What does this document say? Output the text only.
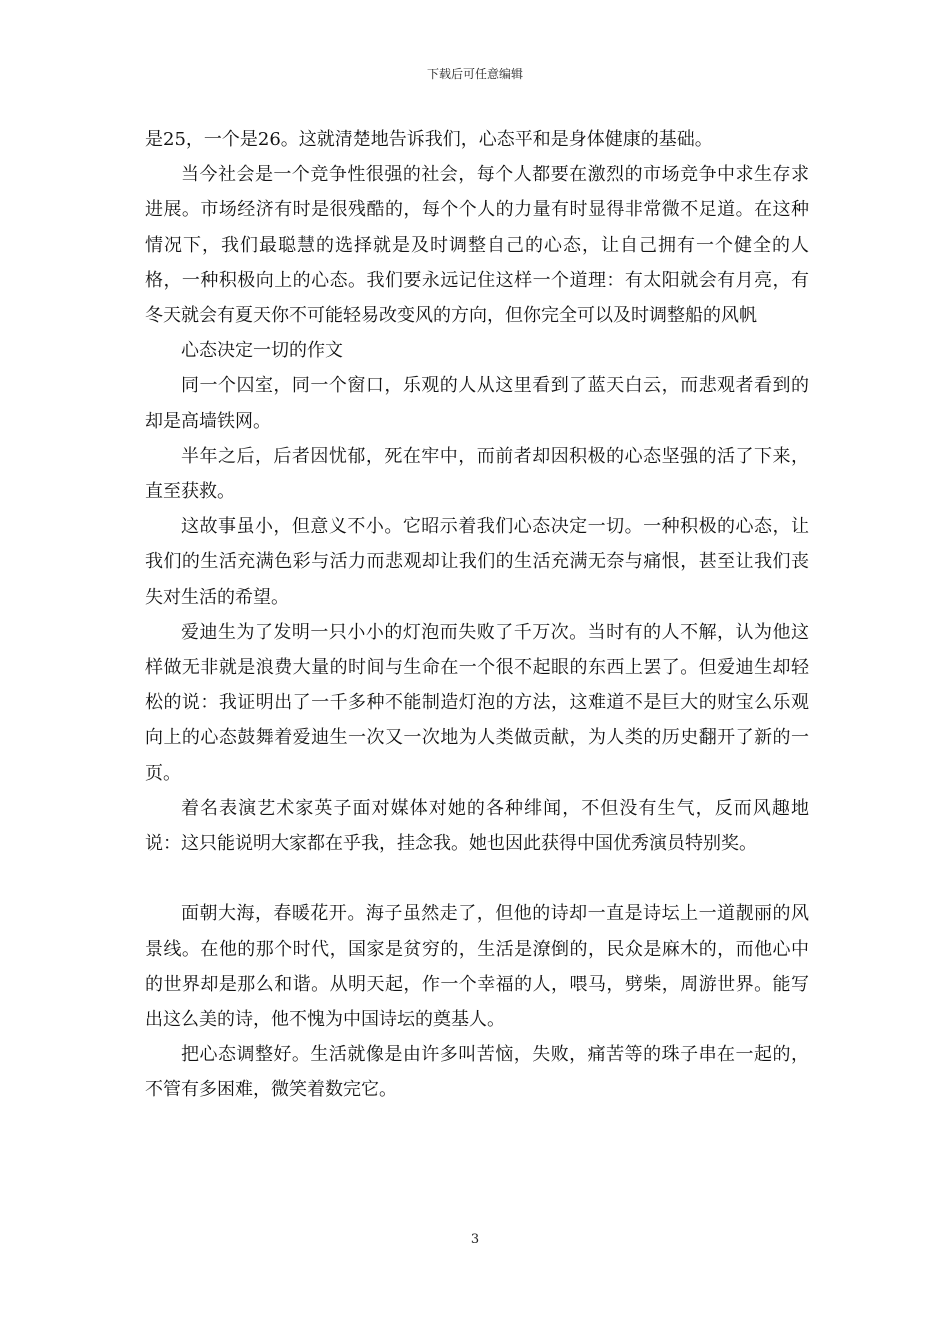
下载后可任意编辑

是25，一个是26。这就清楚地告诉我们，心态平和是身体健康的基础。

当今社会是一个竞争性很强的社会，每个人都要在激烈的市场竞争中求生存求进展。市场经济有时是很残酷的，每个个人的力量有时显得非常微不足道。在这种情况下，我们最聪慧的选择就是及时调整自己的心态，让自己拥有一个健全的人格，一种积极向上的心态。我们要永远记住这样一个道理：有太阳就会有月亮，有冬天就会有夏天你不可能轻易改变风的方向，但你完全可以及时调整船的风帆

心态决定一切的作文

同一个囚室，同一个窗口，乐观的人从这里看到了蓝天白云，而悲观者看到的却是高墙铁网。

半年之后，后者因忧郁，死在牢中，而前者却因积极的心态坚强的活了下来，直至获救。

这故事虽小，但意义不小。它昭示着我们心态决定一切。一种积极的心态，让我们的生活充满色彩与活力而悲观却让我们的生活充满无奈与痛恨，甚至让我们丧失对生活的希望。

爱迪生为了发明一只小小的灯泡而失败了千万次。当时有的人不解，认为他这样做无非就是浪费大量的时间与生命在一个很不起眼的东西上罢了。但爱迪生却轻松的说：我证明出了一千多种不能制造灯泡的方法，这难道不是巨大的财宝么乐观向上的心态鼓舞着爱迪生一次又一次地为人类做贡献，为人类的历史翻开了新的一页。

着名表演艺术家英子面对媒体对她的各种绯闻，不但没有生气，反而风趣地说：这只能说明大家都在乎我，挂念我。她也因此获得中国优秀演员特别奖。

面朝大海，春暖花开。海子虽然走了，但他的诗却一直是诗坛上一道靓丽的风景线。在他的那个时代，国家是贫穷的，生活是潦倒的，民众是麻木的，而他心中的世界却是那么和谐。从明天起，作一个幸福的人，喂马，劈柴，周游世界。能写出这么美的诗，他不愧为中国诗坛的奠基人。

把心态调整好。生活就像是由许多叫苦恼，失败，痛苦等的珠子串在一起的，不管有多困难，微笑着数完它。

3
